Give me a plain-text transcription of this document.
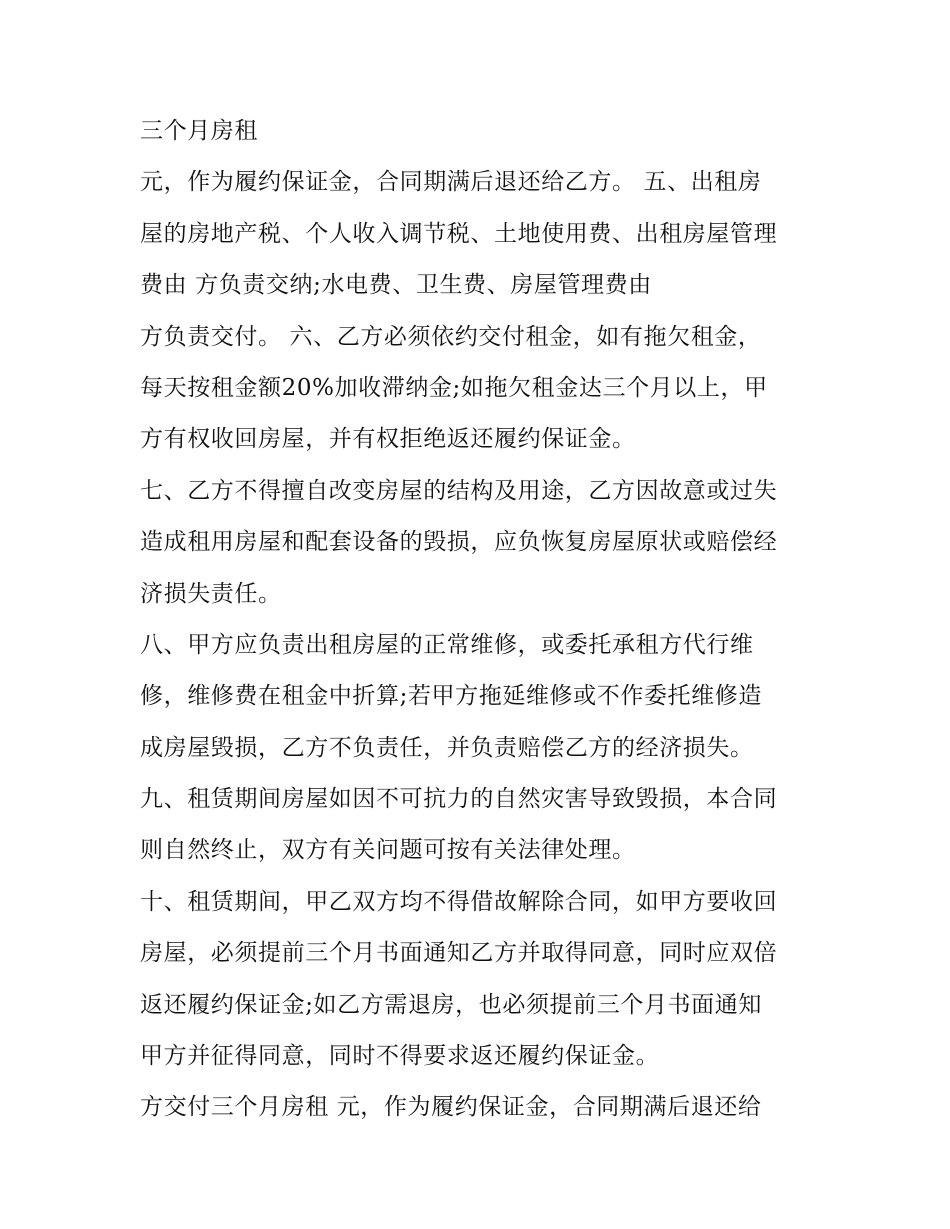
三个月房租
元，作为履约保证金，合同期满后退还给乙方。 五、出租房
屋的房地产税、个人收入调节税、土地使用费、出租房屋管理
费由 方负责交纳;水电费、卫生费、房屋管理费由
方负责交付。 六、乙方必须依约交付租金，如有拖欠租金，
每天按租金额20%加收滞纳金;如拖欠租金达三个月以上，甲
方有权收回房屋，并有权拒绝返还履约保证金。
七、乙方不得擅自改变房屋的结构及用途，乙方因故意或过失
造成租用房屋和配套设备的毁损，应负恢复房屋原状或赔偿经
济损失责任。
八、甲方应负责出租房屋的正常维修，或委托承租方代行维
修，维修费在租金中折算;若甲方拖延维修或不作委托维修造
成房屋毁损，乙方不负责任，并负责赔偿乙方的经济损失。
九、租赁期间房屋如因不可抗力的自然灾害导致毁损，本合同
则自然终止，双方有关问题可按有关法律处理。
十、租赁期间，甲乙双方均不得借故解除合同，如甲方要收回
房屋，必须提前三个月书面通知乙方并取得同意，同时应双倍
返还履约保证金;如乙方需退房，也必须提前三个月书面通知
甲方并征得同意，同时不得要求返还履约保证金。
方交付三个月房租 元，作为履约保证金，合同期满后退还给
